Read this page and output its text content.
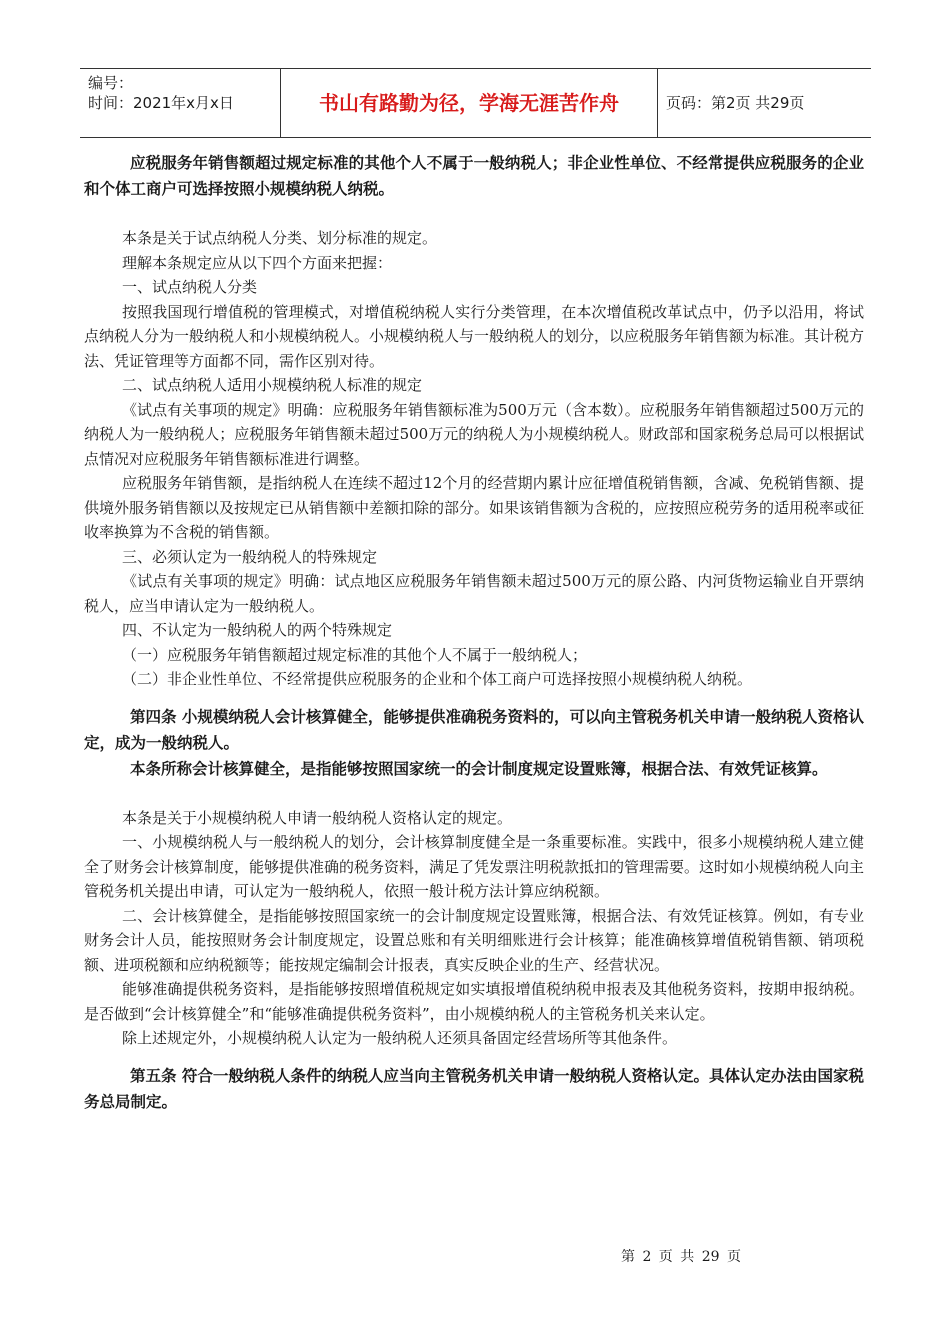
编号：
时间：2021年x月x日	书山有路勤为径，学海无涯苦作舟	页码：第2页 共29页

应税服务年销售额超过规定标准的其他个人不属于一般纳税人；非企业性单位、不经常提供应税服务的企业和个体工商户可选择按照小规模纳税人纳税。

本条是关于试点纳税人分类、划分标准的规定。

理解本条规定应从以下四个方面来把握：

一、试点纳税人分类

按照我国现行增值税的管理模式，对增值税纳税人实行分类管理，在本次增值税改革试点中，仍予以沿用，将试点纳税人分为一般纳税人和小规模纳税人。小规模纳税人与一般纳税人的划分，以应税服务年销售额为标准。其计税方法、凭证管理等方面都不同，需作区别对待。

二、试点纳税人适用小规模纳税人标准的规定

《试点有关事项的规定》明确：应税服务年销售额标准为500万元（含本数）。应税服务年销售额超过500万元的纳税人为一般纳税人；应税服务年销售额未超过500万元的纳税人为小规模纳税人。财政部和国家税务总局可以根据试点情况对应税服务年销售额标准进行调整。

应税服务年销售额，是指纳税人在连续不超过12个月的经营期内累计应征增值税销售额，含减、免税销售额、提供境外服务销售额以及按规定已从销售额中差额扣除的部分。如果该销售额为含税的，应按照应税劳务的适用税率或征收率换算为不含税的销售额。

三、必须认定为一般纳税人的特殊规定

《试点有关事项的规定》明确：试点地区应税服务年销售额未超过500万元的原公路、内河货物运输业自开票纳税人，应当申请认定为一般纳税人。

四、不认定为一般纳税人的两个特殊规定

（一）应税服务年销售额超过规定标准的其他个人不属于一般纳税人；

（二）非企业性单位、不经常提供应税服务的企业和个体工商户可选择按照小规模纳税人纳税。

第四条 小规模纳税人会计核算健全，能够提供准确税务资料的，可以向主管税务机关申请一般纳税人资格认定，成为一般纳税人。

本条所称会计核算健全，是指能够按照国家统一的会计制度规定设置账簿，根据合法、有效凭证核算。

本条是关于小规模纳税人申请一般纳税人资格认定的规定。

一、小规模纳税人与一般纳税人的划分，会计核算制度健全是一条重要标准。实践中，很多小规模纳税人建立健全了财务会计核算制度，能够提供准确的税务资料，满足了凭发票注明税款抵扣的管理需要。这时如小规模纳税人向主管税务机关提出申请，可认定为一般纳税人，依照一般计税方法计算应纳税额。

二、会计核算健全，是指能够按照国家统一的会计制度规定设置账簿，根据合法、有效凭证核算。例如，有专业财务会计人员，能按照财务会计制度规定，设置总账和有关明细账进行会计核算；能准确核算增值税销售额、销项税额、进项税额和应纳税额等；能按规定编制会计报表，真实反映企业的生产、经营状况。

能够准确提供税务资料，是指能够按照增值税规定如实填报增值税纳税申报表及其他税务资料，按期申报纳税。是否做到“会计核算健全”和“能够准确提供税务资料”，由小规模纳税人的主管税务机关来认定。

除上述规定外，小规模纳税人认定为一般纳税人还须具备固定经营场所等其他条件。

第五条 符合一般纳税人条件的纳税人应当向主管税务机关申请一般纳税人资格认定。具体认定办法由国家税务总局制定。

第 2 页 共 29 页
